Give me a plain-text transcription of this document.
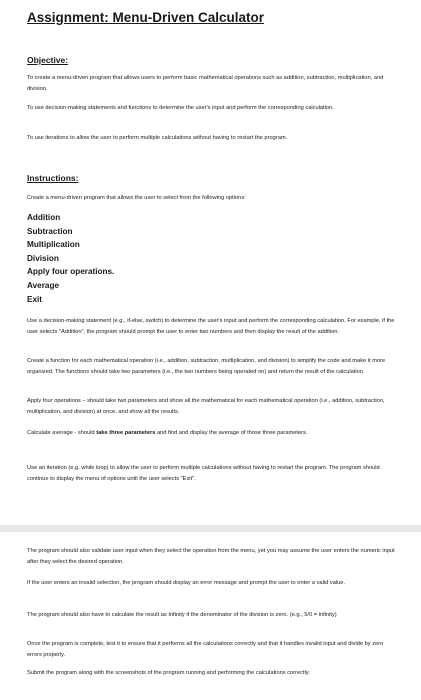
Assignment: Menu-Driven Calculator
Objective:

To create a menu-driven program that allows users to perform basic mathematical operations such as addition, subtraction, multiplication, and division.

To use decision-making statements and functions to determine the user's input and perform the corresponding calculation.

To use iterations to allow the user to perform multiple calculations without having to restart the program.

Instructions:

Create a menu-driven program that allows the user to select from the following options:

Addition
Subtraction
Multiplication
Division
Apply four operations.
Average
Exit

Use a decision-making statement (e.g., if-else, switch) to determine the user's input and perform the corresponding calculation. For example, if the user selects "Addition", the program should prompt the user to enter two numbers and then display the result of the addition.

Create a function for each mathematical operation (i.e., addition, subtraction, multiplication, and division) to simplify the code and make it more organized. The functions should take two parameters (i.e., the two numbers being operated on) and return the result of the calculation.

Apply four operations – should take two parameters and show all the mathematical for each mathematical operation (i.e., addition, subtraction, multiplication, and division) at once, and show all the results.

Calculate average - should take three parameters and find and display the average of those three parameters.

Use an iteration (e.g. while loop) to allow the user to perform multiple calculations without having to restart the program. The program should continue to display the menu of options until the user selects "Exit".

The program should also validate user input when they select the operation from the menu, yet you may assume the user enters the numeric input after they select the desired operation.

If the user enters an invalid selection, the program should display an error message and prompt the user to enter a valid value.

The program should also have to calculate the result as Infinity if the denominator of the division is zero. (e.g., 5/0 = infinity)

Once the program is complete, test it to ensure that it performs all the calculations correctly and that it handles invalid input and divide by zero errors properly.

Submit the program along with the screenshots of the program running and performing the calculations correctly.
